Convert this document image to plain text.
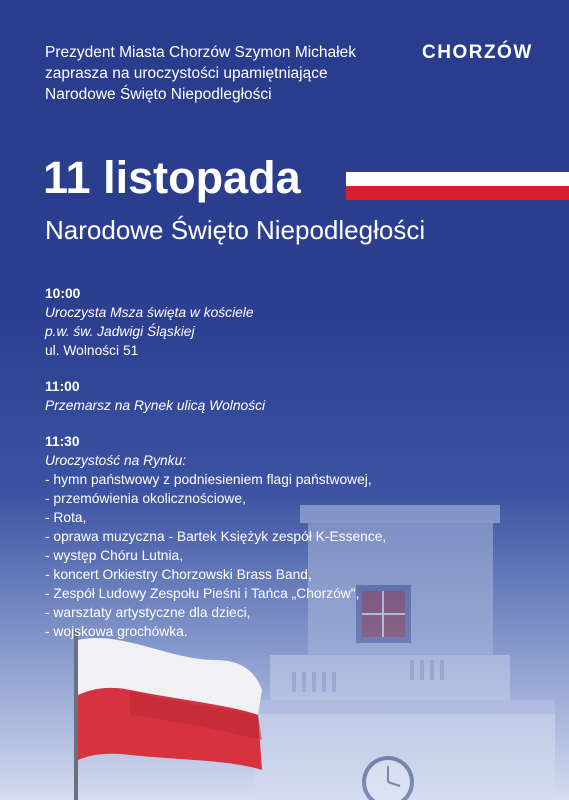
Prezydent Miasta Chorzów Szymon Michałek
zaprasza na uroczystości upamiętniające
Narodowe Święto Niepodległości
CHORZÓW
11 listopada
Narodowe Święto Niepodległości
10:00
Uroczysta Msza święta w kościele
p.w. św. Jadwigi Śląskiej
ul. Wolności 51
11:00
Przemarsz na Rynek ulicą Wolności
11:30
Uroczystość na Rynku:
- hymn państwowy z podniesieniem flagi państwowej,
- przemówienia okolicznościowe,
- Rota,
- oprawa muzyczna - Bartek Księżyk zespół K-Essence,
- występ Chóru Lutnia,
- koncert Orkiestry Chorzowski Brass Band,
- Zespół Ludowy Zespołu Pieśni i Tańca „Chorzów",
- warsztaty artystyczne dla dzieci,
- wojskowa grochówka.
